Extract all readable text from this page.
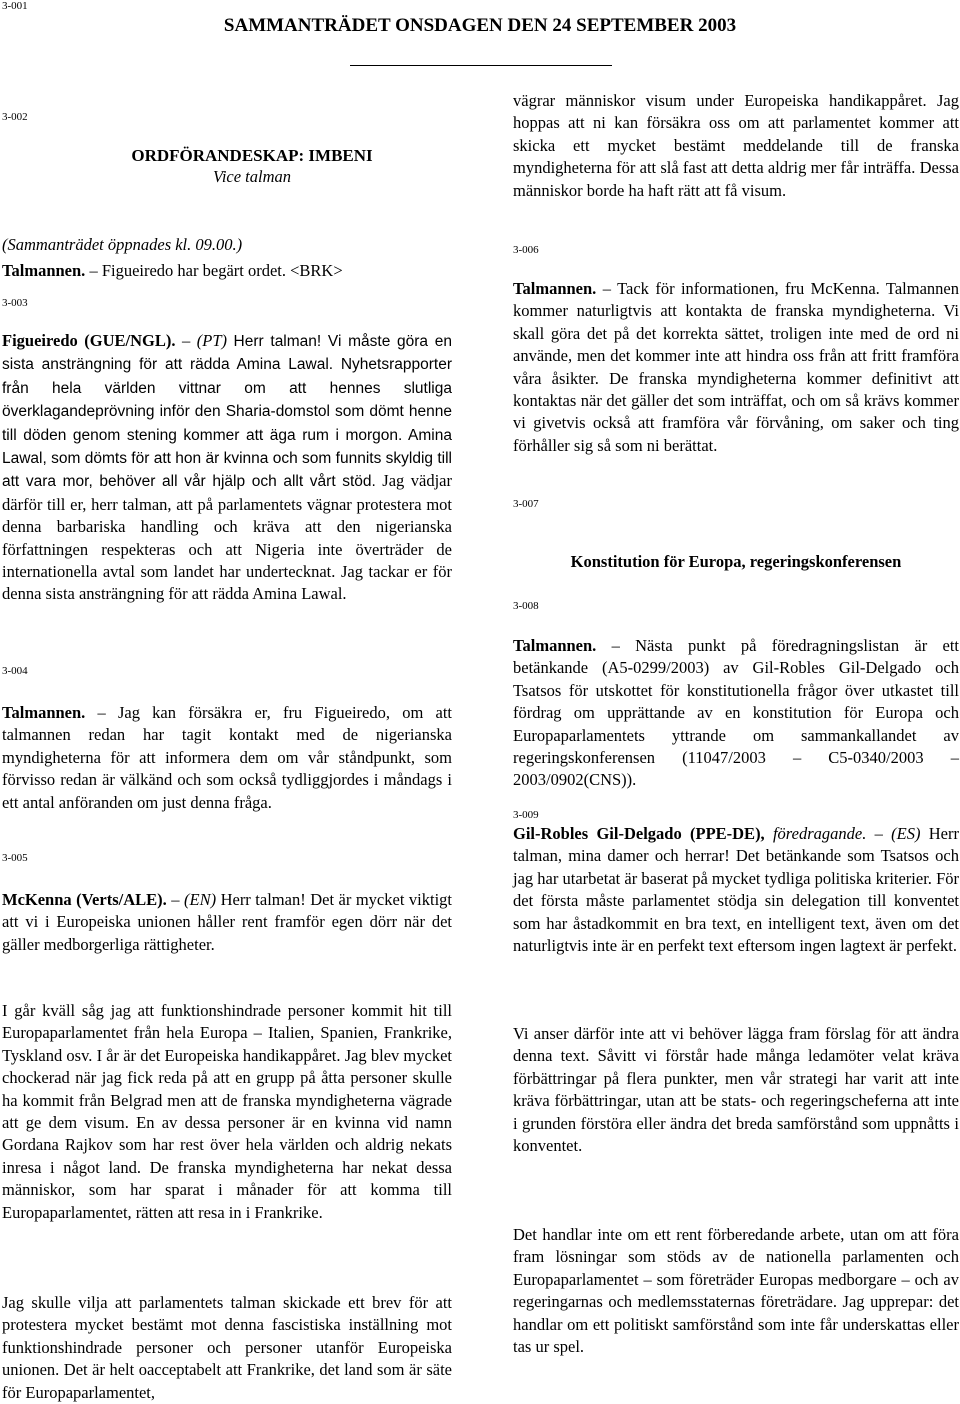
3-001
SAMMANTRÄDET ONSDAGEN DEN 24 SEPTEMBER 2003
3-002
ORDFÖRANDESKAP: IMBENI

Vice talman

(Sammanträdet öppnades kl. 09.00.)

Talmannen. – Figueiredo har begärt ordet. <BRK>

3-003

Figueiredo (GUE/NGL). – (PT) Herr talman! Vi måste göra en sista ansträngning för att rädda Amina Lawal. Nyhetsrapporter från hela världen vittnar om att hennes slutliga överklagandeprövning inför den Sharia-domstol som dömt henne till döden genom stening kommer att äga rum i morgon. Amina Lawal, som dömts för att hon är kvinna och som funnits skyldig till att vara mor, behöver all vår hjälp och allt vårt stöd. Jag vädjar därför till er, herr talman, att på parlamentets vägnar protestera mot denna barbariska handling och kräva att den nigerianska författningen respekteras och att Nigeria inte överträder de internationella avtal som landet har undertecknat. Jag tackar er för denna sista ansträngning för att rädda Amina Lawal.

3-004

Talmannen. – Jag kan försäkra er, fru Figueiredo, om att talmannen redan har tagit kontakt med de nigerianska myndigheterna för att informera dem om vår ståndpunkt, som förvisso redan är välkänd och som också tydliggjordes i måndags i ett antal anföranden om just denna fråga.

3-005

McKenna (Verts/ALE). – (EN) Herr talman! Det är mycket viktigt att vi i Europeiska unionen håller rent framför egen dörr när det gäller medborgerliga rättigheter.

I går kväll såg jag att funktionshindrade personer kommit hit till Europaparlamentet från hela Europa – Italien, Spanien, Frankrike, Tyskland osv. I år är det Europeiska handikappåret. Jag blev mycket chockerad när jag fick reda på att en grupp på åtta personer skulle ha kommit från Belgrad men att de franska myndigheterna vägrade att ge dem visum. En av dessa personer är en kvinna vid namn Gordana Rajkov som har rest över hela världen och aldrig nekats inresa i något land. De franska myndigheterna har nekat dessa människor, som har sparat i månader för att komma till Europaparlamentet, rätten att resa in i Frankrike.

Jag skulle vilja att parlamentets talman skickade ett brev för att protestera mycket bestämt mot denna fascistiska inställning mot funktionshindrade personer och personer utanför Europeiska unionen. Det är helt oacceptabelt att Frankrike, det land som är säte för Europaparlamentet,

vägrar människor visum under Europeiska handikappåret. Jag hoppas att ni kan försäkra oss om att parlamentet kommer att skicka ett mycket bestämt meddelande till de franska myndigheterna för att slå fast att detta aldrig mer får inträffa. Dessa människor borde ha haft rätt att få visum.

3-006

Talmannen. – Tack för informationen, fru McKenna. Talmannen kommer naturligtvis att kontakta de franska myndigheterna. Vi skall göra det på det korrekta sättet, troligen inte med de ord ni använde, men det kommer inte att hindra oss från att fritt framföra våra åsikter. De franska myndigheterna kommer definitivt att kontaktas när det gäller det som inträffat, och om så krävs kommer vi givetvis också att framföra vår förvåning, om saker och ting förhåller sig så som ni berättat.

3-007
Konstitution för Europa, regeringskonferensen
3-008

Talmannen. – Nästa punkt på föredragningslistan är ett betänkande (A5-0299/2003) av Gil-Robles Gil-Delgado och Tsatsos för utskottet för konstitutionella frågor över utkastet till fördrag om upprättande av en konstitution för Europa och Europaparlamentets yttrande om sammankallandet av regeringskonferensen (11047/2003 – C5-0340/2003 – 2003/0902(CNS)).

3-009

Gil-Robles Gil-Delgado (PPE-DE), föredragande. – (ES) Herr talman, mina damer och herrar! Det betänkande som Tsatsos och jag har utarbetat är baserat på mycket tydliga politiska kriterier. För det första måste parlamentet stödja sin delegation till konventet som har åstadkommit en bra text, en intelligent text, även om det naturligtvis inte är en perfekt text eftersom ingen lagtext är perfekt.

Vi anser därför inte att vi behöver lägga fram förslag för att ändra denna text. Såvitt vi förstår hade många ledamöter velat kräva förbättringar på flera punkter, men vår strategi har varit att inte kräva förbättringar, utan att be stats- och regeringscheferna att inte i grunden förstöra eller ändra det breda samförstånd som uppnåtts i konventet.

Det handlar inte om ett rent förberedande arbete, utan om att föra fram lösningar som stöds av de nationella parlamenten och Europaparlamentet – som företräder Europas medborgare – och av regeringarnas och medlemsstaternas företrädare. Jag upprepar: det handlar om ett politiskt samförstånd som inte får underskattas eller tas ur spel.
